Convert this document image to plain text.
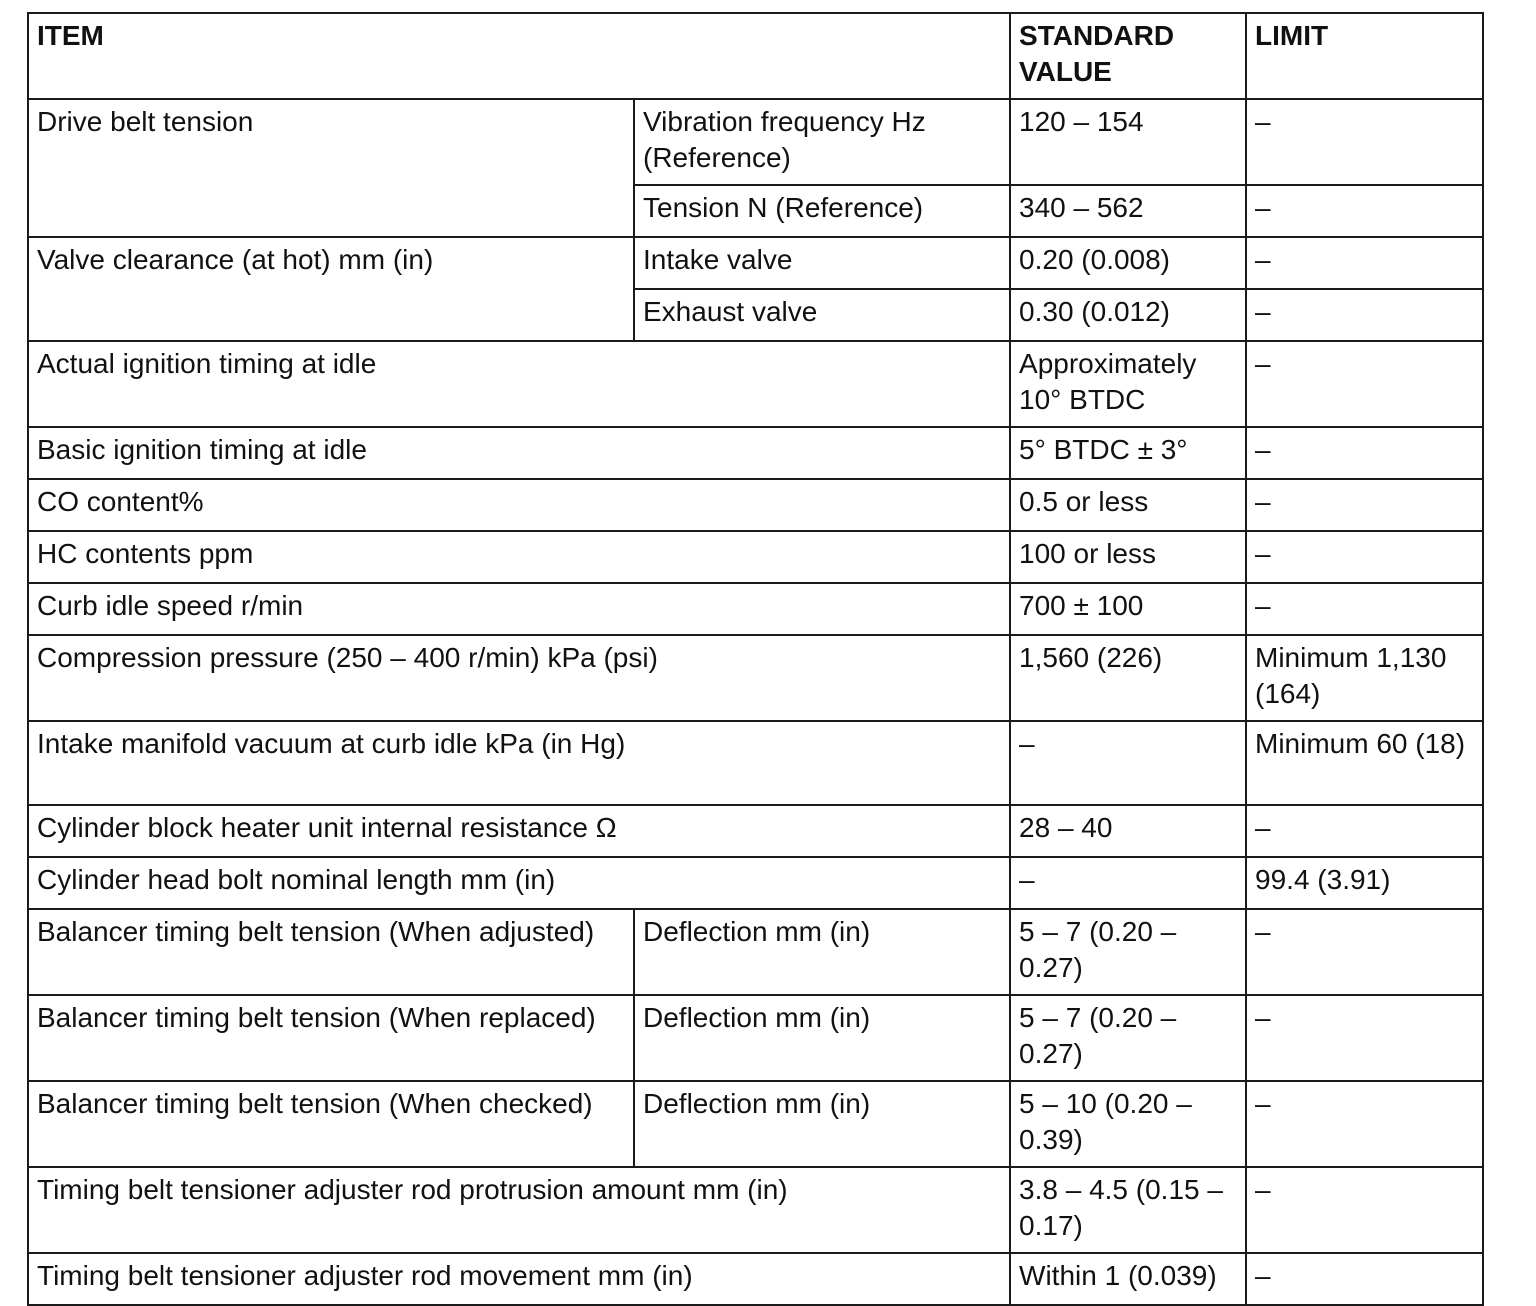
ITEM		STANDARD VALUE	LIMIT
Drive belt tension	Vibration frequency Hz (Reference)	120 – 154	–
	Tension N (Reference)	340 – 562	–
Valve clearance (at hot) mm (in)	Intake valve	0.20 (0.008)	–
	Exhaust valve	0.30 (0.012)	–
Actual ignition timing at idle		Approximately 10° BTDC	–
Basic ignition timing at idle		5° BTDC ± 3°	–
CO content%		0.5 or less	–
HC contents ppm		100 or less	–
Curb idle speed r/min		700 ± 100	–
Compression pressure (250 – 400 r/min) kPa (psi)		1,560 (226)	Minimum 1,130 (164)
Intake manifold vacuum at curb idle kPa (in Hg)		–	Minimum 60 (18)
Cylinder block heater unit internal resistance Ω		28 – 40	–
Cylinder head bolt nominal length mm (in)		–	99.4 (3.91)
Balancer timing belt tension (When adjusted)	Deflection mm (in)	5 – 7 (0.20 – 0.27)	–
Balancer timing belt tension (When replaced)	Deflection mm (in)	5 – 7 (0.20 – 0.27)	–
Balancer timing belt tension (When checked)	Deflection mm (in)	5 – 10 (0.20 – 0.39)	–
Timing belt tensioner adjuster rod protrusion amount mm (in)		3.8 – 4.5 (0.15 – 0.17)	–
Timing belt tensioner adjuster rod movement mm (in)		Within 1 (0.039)	–
